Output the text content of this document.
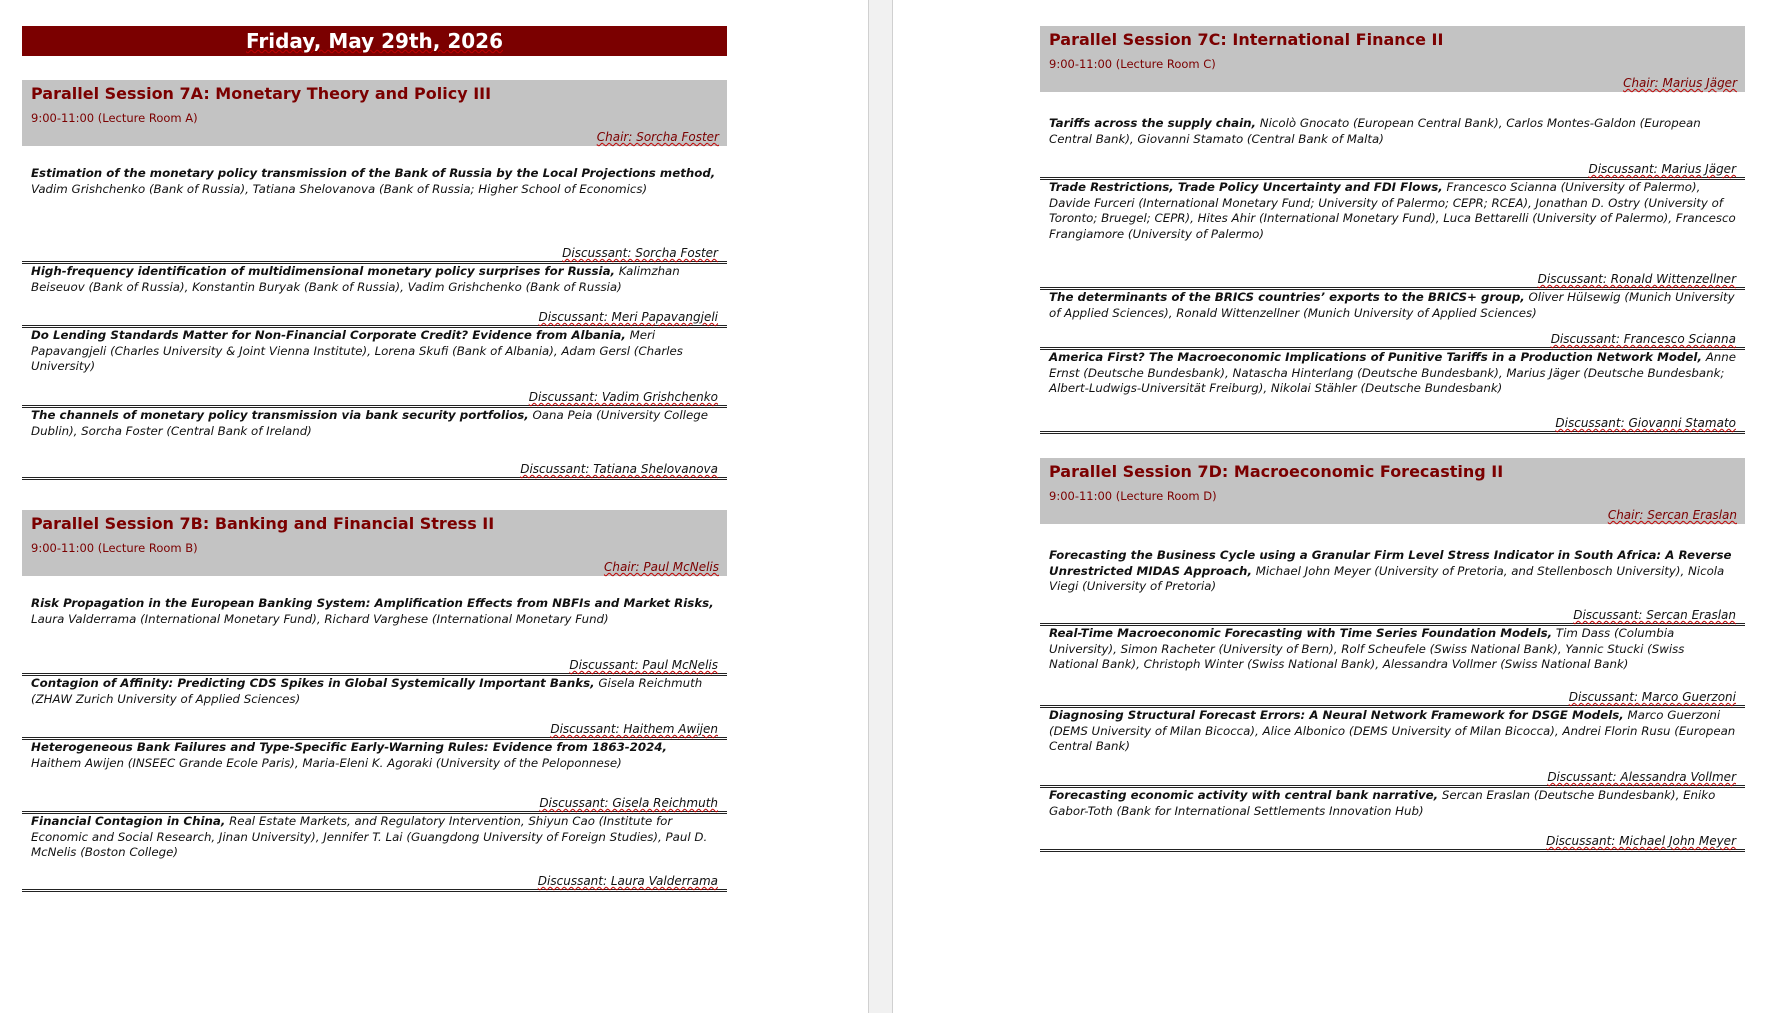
Friday, May 29th, 2026
Parallel Session 7A: Monetary Theory and Policy III
9:00-11:00 (Lecture Room A)
Chair: Sorcha Foster
Estimation of the monetary policy transmission of the Bank of Russia by the Local Projections method, Vadim Grishchenko (Bank of Russia), Tatiana Shelovanova (Bank of Russia; Higher School of Economics)
Discussant: Sorcha Foster
High-frequency identification of multidimensional monetary policy surprises for Russia, Kalimzhan Beiseuov (Bank of Russia), Konstantin Buryak (Bank of Russia), Vadim Grishchenko (Bank of Russia)
Discussant: Meri Papavangjeli
Do Lending Standards Matter for Non-Financial Corporate Credit? Evidence from Albania, Meri Papavangjeli (Charles University & Joint Vienna Institute), Lorena Skufi (Bank of Albania), Adam Gersl (Charles University)
Discussant: Vadim Grishchenko
The channels of monetary policy transmission via bank security portfolios, Oana Peia (University College Dublin), Sorcha Foster (Central Bank of Ireland)
Discussant: Tatiana Shelovanova
Parallel Session 7B: Banking and Financial Stress II
9:00-11:00 (Lecture Room B)
Chair: Paul McNelis
Risk Propagation in the European Banking System: Amplification Effects from NBFIs and Market Risks, Laura Valderrama (International Monetary Fund), Richard Varghese (International Monetary Fund)
Discussant: Paul McNelis
Contagion of Affinity: Predicting CDS Spikes in Global Systemically Important Banks, Gisela Reichmuth (ZHAW Zurich University of Applied Sciences)
Discussant: Haithem Awijen
Heterogeneous Bank Failures and Type-Specific Early-Warning Rules: Evidence from 1863-2024, Haithem Awijen (INSEEC Grande Ecole Paris), Maria-Eleni K. Agoraki (University of the Peloponnese)
Discussant: Gisela Reichmuth
Financial Contagion in China, Real Estate Markets, and Regulatory Intervention, Shiyun Cao (Institute for Economic and Social Research, Jinan University), Jennifer T. Lai (Guangdong University of Foreign Studies), Paul D. McNelis (Boston College)
Discussant: Laura Valderrama
Parallel Session 7C: International Finance II
9:00-11:00 (Lecture Room C)
Chair: Marius Jäger
Tariffs across the supply chain, Nicolò Gnocato (European Central Bank), Carlos Montes-Galdon (European Central Bank), Giovanni Stamato (Central Bank of Malta)
Discussant: Marius Jäger
Trade Restrictions, Trade Policy Uncertainty and FDI Flows, Francesco Scianna (University of Palermo), Davide Furceri (International Monetary Fund; University of Palermo; CEPR; RCEA), Jonathan D. Ostry (University of Toronto; Bruegel; CEPR), Hites Ahir (International Monetary Fund), Luca Bettarelli (University of Palermo), Francesco Frangiamore (University of Palermo)
Discussant: Ronald Wittenzellner
The determinants of the BRICS countries’ exports to the BRICS+ group, Oliver Hülsewig (Munich University of Applied Sciences), Ronald Wittenzellner (Munich University of Applied Sciences)
Discussant: Francesco Scianna
America First? The Macroeconomic Implications of Punitive Tariffs in a Production Network Model, Anne Ernst (Deutsche Bundesbank), Natascha Hinterlang (Deutsche Bundesbank), Marius Jäger (Deutsche Bundesbank; Albert-Ludwigs-Universität Freiburg), Nikolai Stähler (Deutsche Bundesbank)
Discussant: Giovanni Stamato
Parallel Session 7D: Macroeconomic Forecasting II
9:00-11:00 (Lecture Room D)
Chair: Sercan Eraslan
Forecasting the Business Cycle using a Granular Firm Level Stress Indicator in South Africa: A Reverse Unrestricted MIDAS Approach, Michael John Meyer (University of Pretoria, and Stellenbosch University), Nicola Viegi (University of Pretoria)
Discussant: Sercan Eraslan
Real-Time Macroeconomic Forecasting with Time Series Foundation Models, Tim Dass (Columbia University), Simon Racheter (University of Bern), Rolf Scheufele (Swiss National Bank), Yannic Stucki (Swiss National Bank), Christoph Winter (Swiss National Bank), Alessandra Vollmer (Swiss National Bank)
Discussant: Marco Guerzoni
Diagnosing Structural Forecast Errors: A Neural Network Framework for DSGE Models, Marco Guerzoni (DEMS University of Milan Bicocca), Alice Albonico (DEMS University of Milan Bicocca), Andrei Florin Rusu (European Central Bank)
Discussant: Alessandra Vollmer
Forecasting economic activity with central bank narrative, Sercan Eraslan (Deutsche Bundesbank), Eniko Gabor-Toth (Bank for International Settlements Innovation Hub)
Discussant: Michael John Meyer
